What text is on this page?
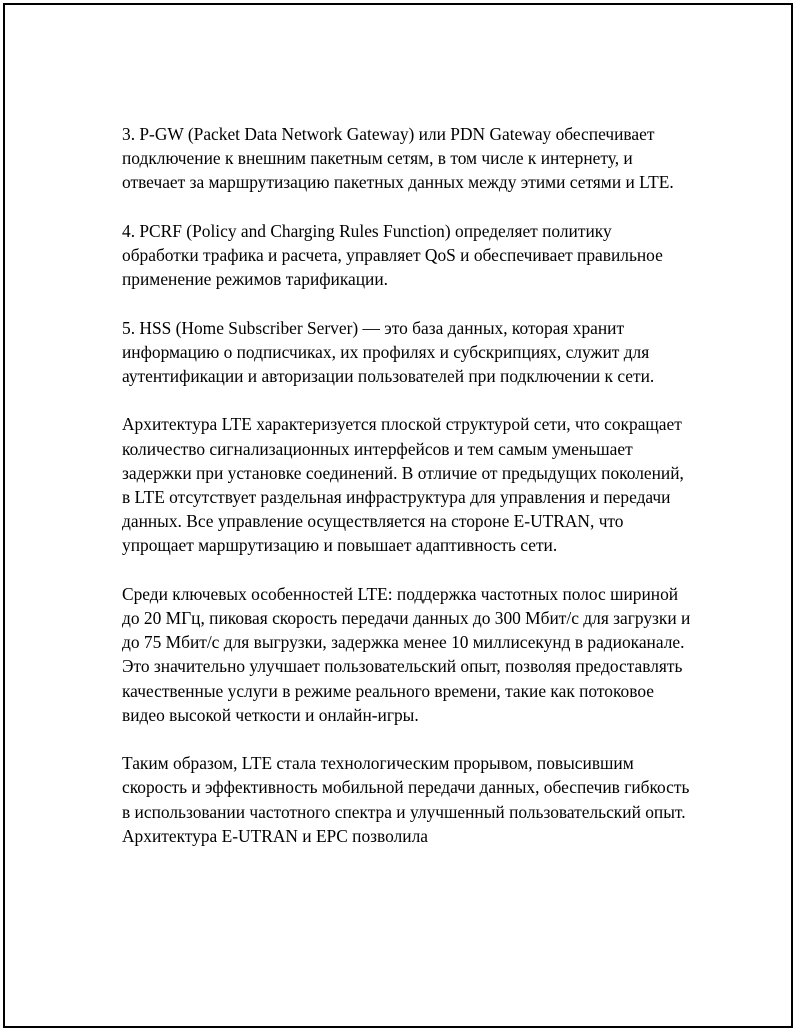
3. P-GW (Packet Data Network Gateway) или PDN Gateway обеспечивает подключение к внешним пакетным сетям, в том числе к интернету, и отвечает за маршрутизацию пакетных данных между этими сетями и LTE.

4. PCRF (Policy and Charging Rules Function) определяет политику обработки трафика и расчета, управляет QoS и обеспечивает правильное применение режимов тарификации.

5. HSS (Home Subscriber Server) — это база данных, которая хранит информацию о подписчиках, их профилях и субскрипциях, служит для аутентификации и авторизации пользователей при подключении к сети.

Архитектура LTE характеризуется плоской структурой сети, что сокращает количество сигнализационных интерфейсов и тем самым уменьшает задержки при установке соединений. В отличие от предыдущих поколений, в LTE отсутствует раздельная инфраструктура для управления и передачи данных. Все управление осуществляется на стороне E-UTRAN, что упрощает маршрутизацию и повышает адаптивность сети.

Среди ключевых особенностей LTE: поддержка частотных полос шириной до 20 МГц, пиковая скорость передачи данных до 300 Мбит/с для загрузки и до 75 Мбит/с для выгрузки, задержка менее 10 миллисекунд в радиоканале. Это значительно улучшает пользовательский опыт, позволяя предоставлять качественные услуги в режиме реального времени, такие как потоковое видео высокой четкости и онлайн-игры.

Таким образом, LTE стала технологическим прорывом, повысившим скорость и эффективность мобильной передачи данных, обеспечив гибкость в использовании частотного спектра и улучшенный пользовательский опыт. Архитектура E-UTRAN и EPC позволила
